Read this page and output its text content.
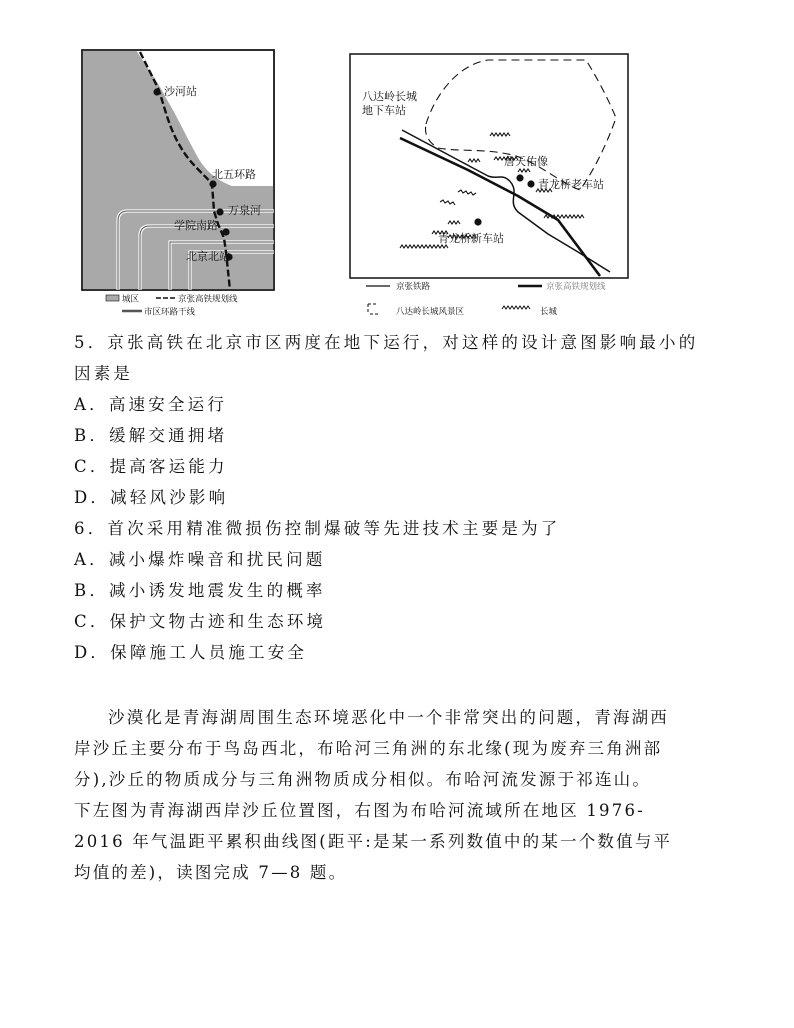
沙河站
北五环路
万泉河
学院南路
北京北站
城区	京张高铁规划线
市区环路干线
八达岭长城
地下车站
詹天佑像
青龙桥老车站
青龙桥新车站
京张铁路	京张高铁规划线
八达岭长城风景区	长城
5．京张高铁在北京市区两度在地下运行，对这样的设计意图影响最小的
因素是
A．高速安全运行
B．缓解交通拥堵
C．提高客运能力
D．减轻风沙影响
6．首次采用精准微损伤控制爆破等先进技术主要是为了
A．减小爆炸噪音和扰民问题
B．减小诱发地震发生的概率
C．保护文物古迹和生态环境
D．保障施工人员施工安全
沙漠化是青海湖周围生态环境恶化中一个非常突出的问题，青海湖西
岸沙丘主要分布于鸟岛西北，布哈河三角洲的东北缘(现为废弃三角洲部
分),沙丘的物质成分与三角洲物质成分相似。布哈河流发源于祁连山。
下左图为青海湖西岸沙丘位置图，右图为布哈河流域所在地区 1976-
2016 年气温距平累积曲线图(距平:是某一系列数值中的某一个数值与平
均值的差)，读图完成 7—8 题。
